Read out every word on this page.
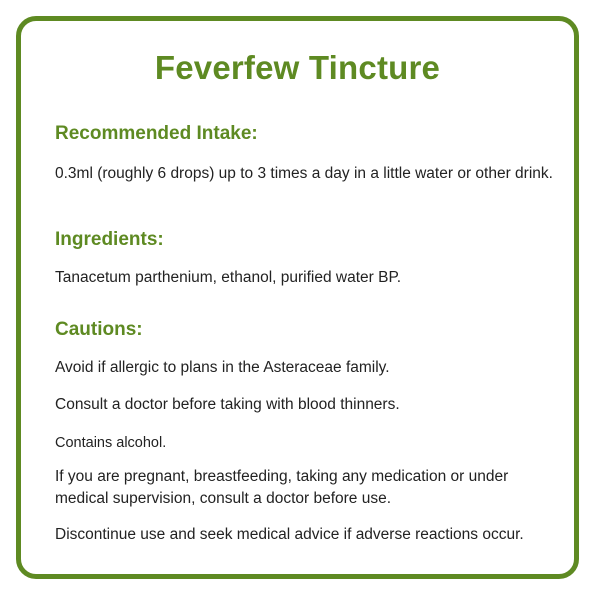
Feverfew Tincture
Recommended Intake:

0.3ml (roughly 6 drops) up to 3 times a day in a little water or other drink.

Ingredients:

Tanacetum parthenium, ethanol, purified water BP.

Cautions:

Avoid if allergic to plans in the Asteraceae family.

Consult a doctor before taking with blood thinners.

Contains alcohol.

If you are pregnant, breastfeeding, taking any medication or under medical supervision, consult a doctor before use.

Discontinue use and seek medical advice if adverse reactions occur.
